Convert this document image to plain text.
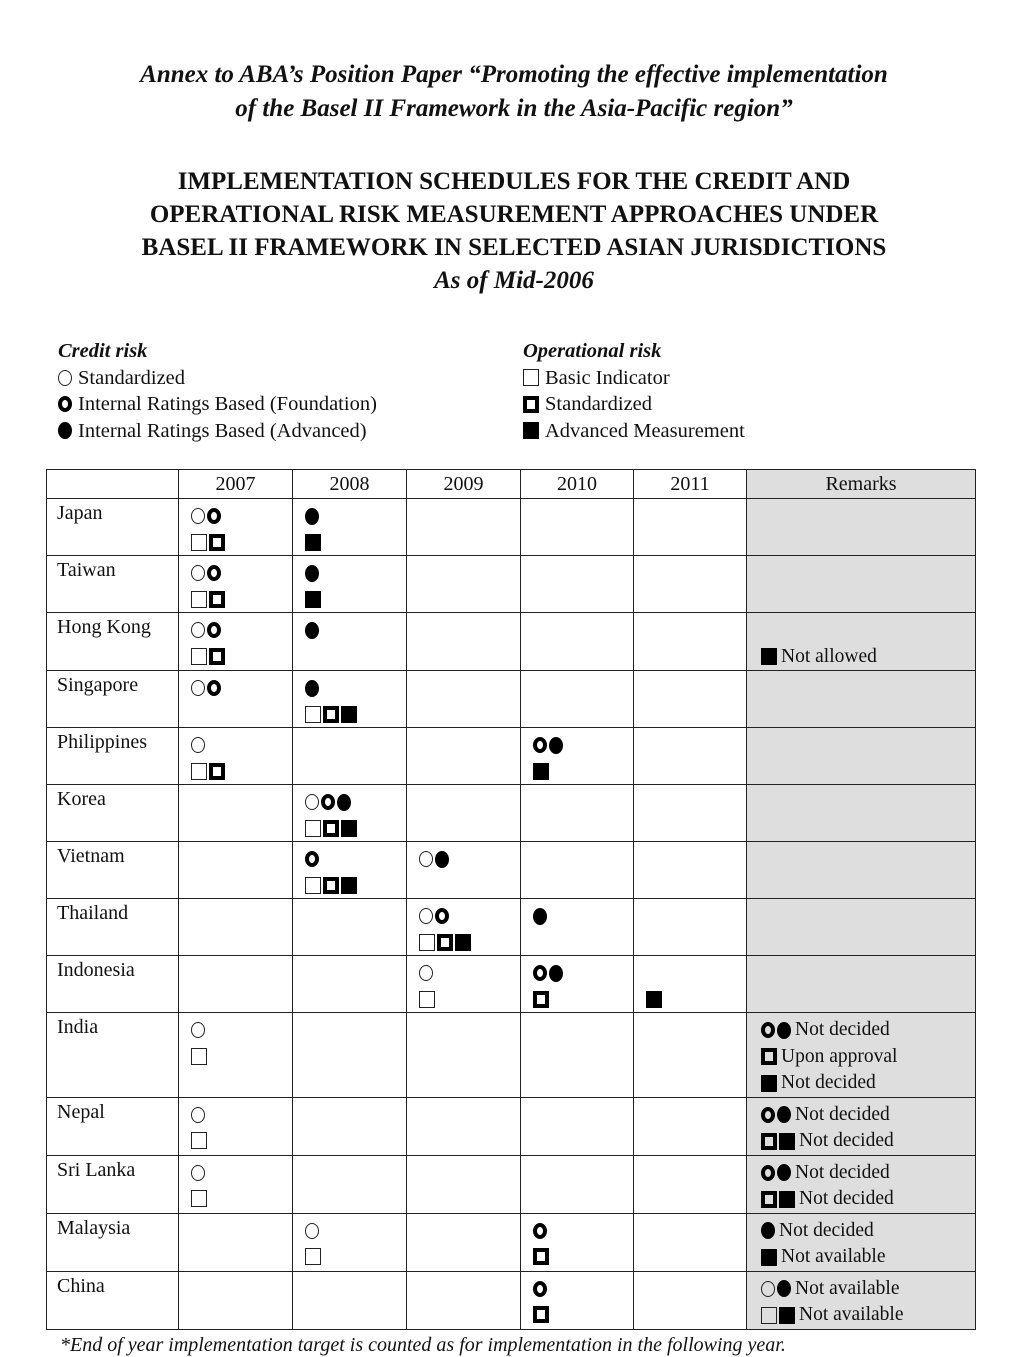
Annex to ABA’s Position Paper “Promoting the effective implementation
of the Basel II Framework in the Asia-Pacific region”
IMPLEMENTATION SCHEDULES FOR THE CREDIT AND
OPERATIONAL RISK MEASUREMENT APPROACHES UNDER
BASEL II FRAMEWORK IN SELECTED ASIAN JURISDICTIONS
As of Mid-2006
Credit risk
Standardized
Internal Ratings Based (Foundation)
Internal Ratings Based (Advanced)
Operational risk
Basic Indicator
Standardized
Advanced Measurement
	2007	2008	2009	2010	2011	Remarks
Japan	

Taiwan	

Hong Kong						Not allowed

Singapore	

Philippines	

Korea		

Vietnam		

Thailand			

Indonesia			

India						Not decided
Upon approval
Not decided

Nepal						Not decided
Not decided

Sri Lanka						Not decided
Not decided

Malaysia						Not decided
Not available

China						Not available
Not available
*End of year implementation target is counted as for implementation in the following year.
